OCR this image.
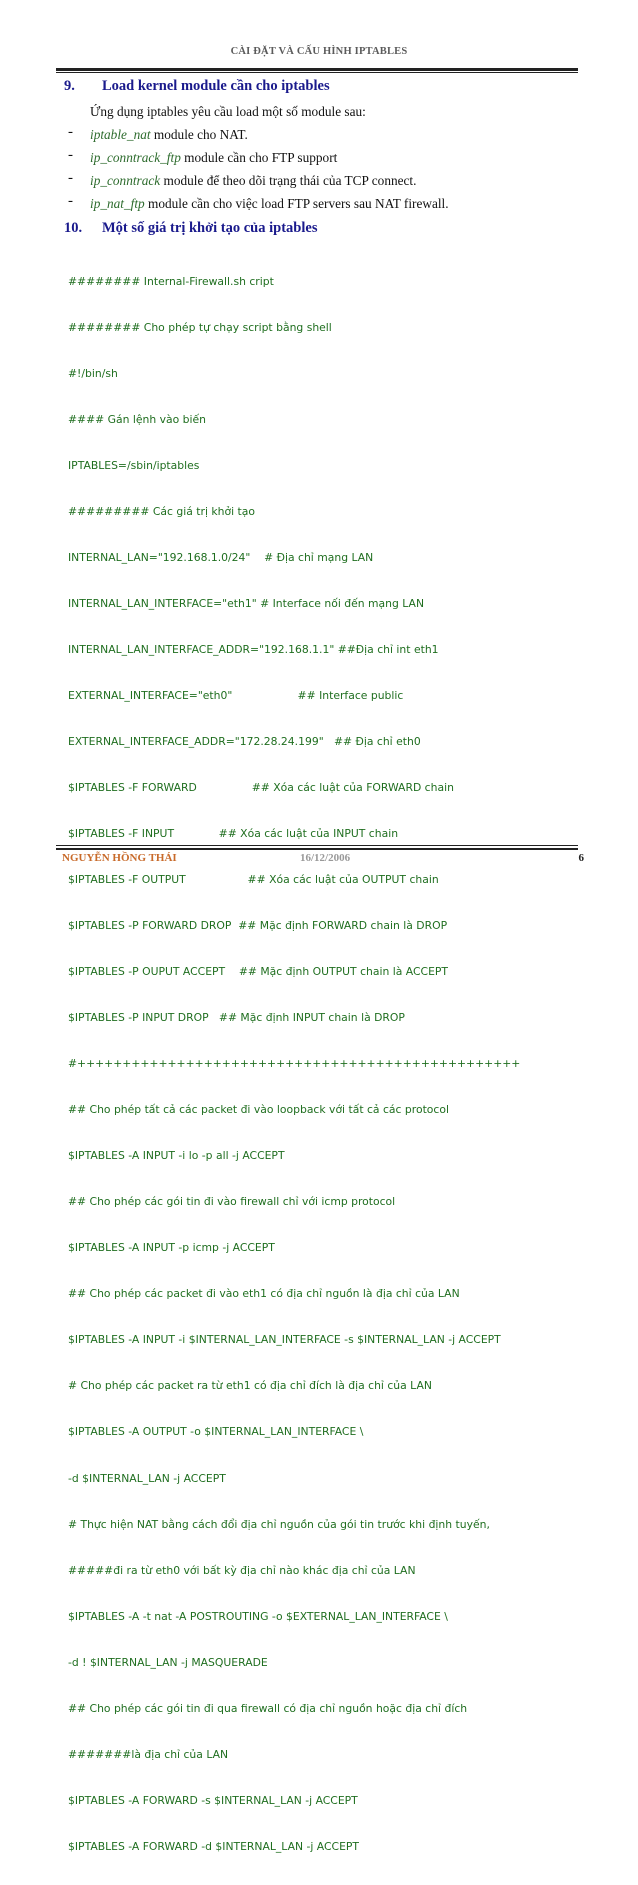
CÀI ĐẶT VÀ CẤU HÌNH IPTABLES
9. Load kernel module cần cho iptables
Ứng dụng iptables yêu cầu load một số module sau:
- iptable_nat module cho NAT.
- ip_conntrack_ftp module cần cho FTP support
- ip_conntrack module để theo dõi trạng thái của TCP connect.
- ip_nat_ftp module cần cho việc load FTP servers sau NAT firewall.
10. Một số giá trị khởi tạo của iptables

######## Internal-Firewall.sh cript

######## Cho phép tự chạy script bằng shell

#!/bin/sh

#### Gán lệnh vào biến

IPTABLES=/sbin/iptables

######### Các giá trị khởi tạo

INTERNAL_LAN="192.168.1.0/24"    # Địa chỉ mạng LAN

INTERNAL_LAN_INTERFACE="eth1" # Interface nối đến mạng LAN

INTERNAL_LAN_INTERFACE_ADDR="192.168.1.1" ##Địa chỉ int eth1

EXTERNAL_INTERFACE="eth0"                   ## Interface public

EXTERNAL_INTERFACE_ADDR="172.28.24.199"   ## Địa chỉ eth0

$IPTABLES -F FORWARD                ## Xóa các luật của FORWARD chain

$IPTABLES -F INPUT             ## Xóa các luật của INPUT chain

$IPTABLES -F OUTPUT                  ## Xóa các luật của OUTPUT chain

$IPTABLES -P FORWARD DROP  ## Mặc định FORWARD chain là DROP

$IPTABLES -P OUPUT ACCEPT    ## Mặc định OUTPUT chain là ACCEPT

$IPTABLES -P INPUT DROP   ## Mặc định INPUT chain là DROP

#+++++++++++++++++++++++++++++++++++++++++++++++++

## Cho phép tất cả các packet đi vào loopback với tất cả các protocol

$IPTABLES -A INPUT -i lo -p all -j ACCEPT

## Cho phép các gói tin đi vào firewall chỉ với icmp protocol

$IPTABLES -A INPUT -p icmp -j ACCEPT

## Cho phép các packet đi vào eth1 có địa chỉ nguồn là địa chỉ của LAN

$IPTABLES -A INPUT -i $INTERNAL_LAN_INTERFACE -s $INTERNAL_LAN -j ACCEPT

# Cho phép các packet ra từ eth1 có địa chỉ đích là địa chỉ của LAN

$IPTABLES -A OUTPUT -o $INTERNAL_LAN_INTERFACE \

-d $INTERNAL_LAN -j ACCEPT

# Thực hiện NAT bằng cách đổi địa chỉ nguồn của gói tin trước khi định tuyến,

#####đi ra từ eth0 với bất kỳ địa chỉ nào khác địa chỉ của LAN

$IPTABLES -A -t nat -A POSTROUTING -o $EXTERNAL_LAN_INTERFACE \

-d ! $INTERNAL_LAN -j MASQUERADE

## Cho phép các gói tin đi qua firewall có địa chỉ nguồn hoặc địa chỉ đích

#######là địa chỉ của LAN

$IPTABLES -A FORWARD -s $INTERNAL_LAN -j ACCEPT

$IPTABLES -A FORWARD -d $INTERNAL_LAN -j ACCEPT

NGUYỄN HỒNG THÁI	16/12/2006	6
